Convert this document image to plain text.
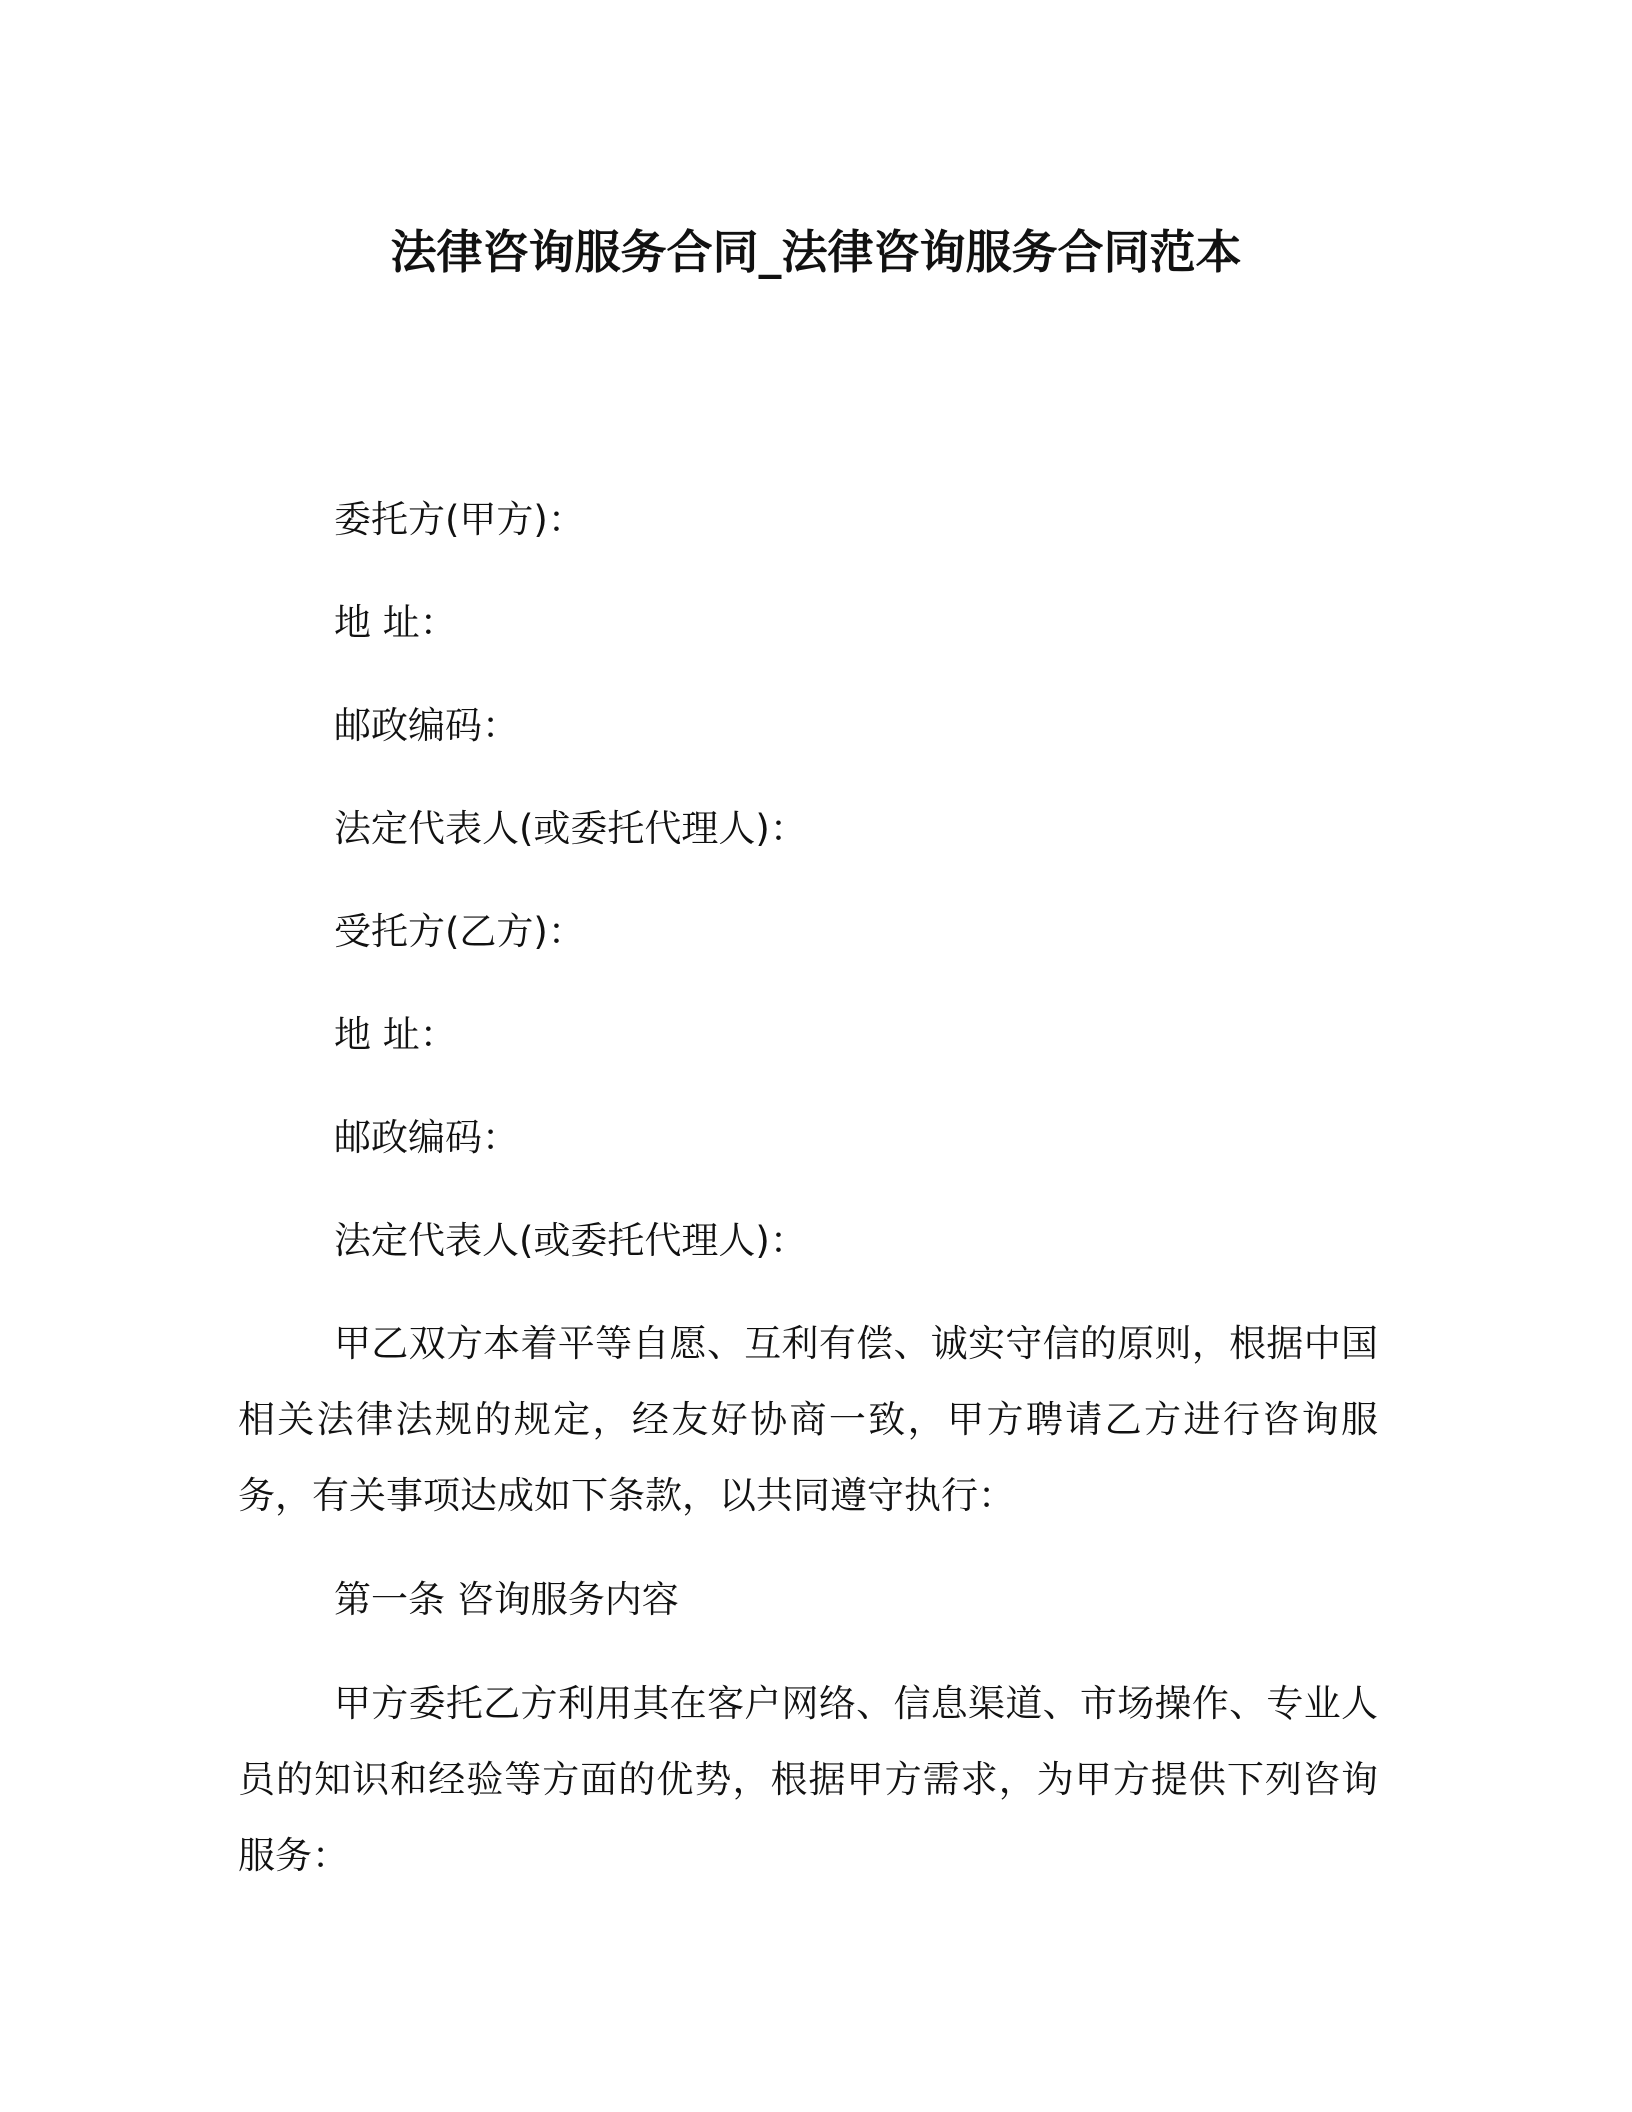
法律咨询服务合同_法律咨询服务合同范本
委托方(甲方)：
地 址：
邮政编码：
法定代表人(或委托代理人)：
受托方(乙方)：
地 址：
邮政编码：
法定代表人(或委托代理人)：

甲乙双方本着平等自愿、互利有偿、诚实守信的原则，根据中国相关法律法规的规定，经友好协商一致，甲方聘请乙方进行咨询服务，有关事项达成如下条款，以共同遵守执行：

第一条 咨询服务内容

甲方委托乙方利用其在客户网络、信息渠道、市场操作、专业人员的知识和经验等方面的优势，根据甲方需求，为甲方提供下列咨询服务：
